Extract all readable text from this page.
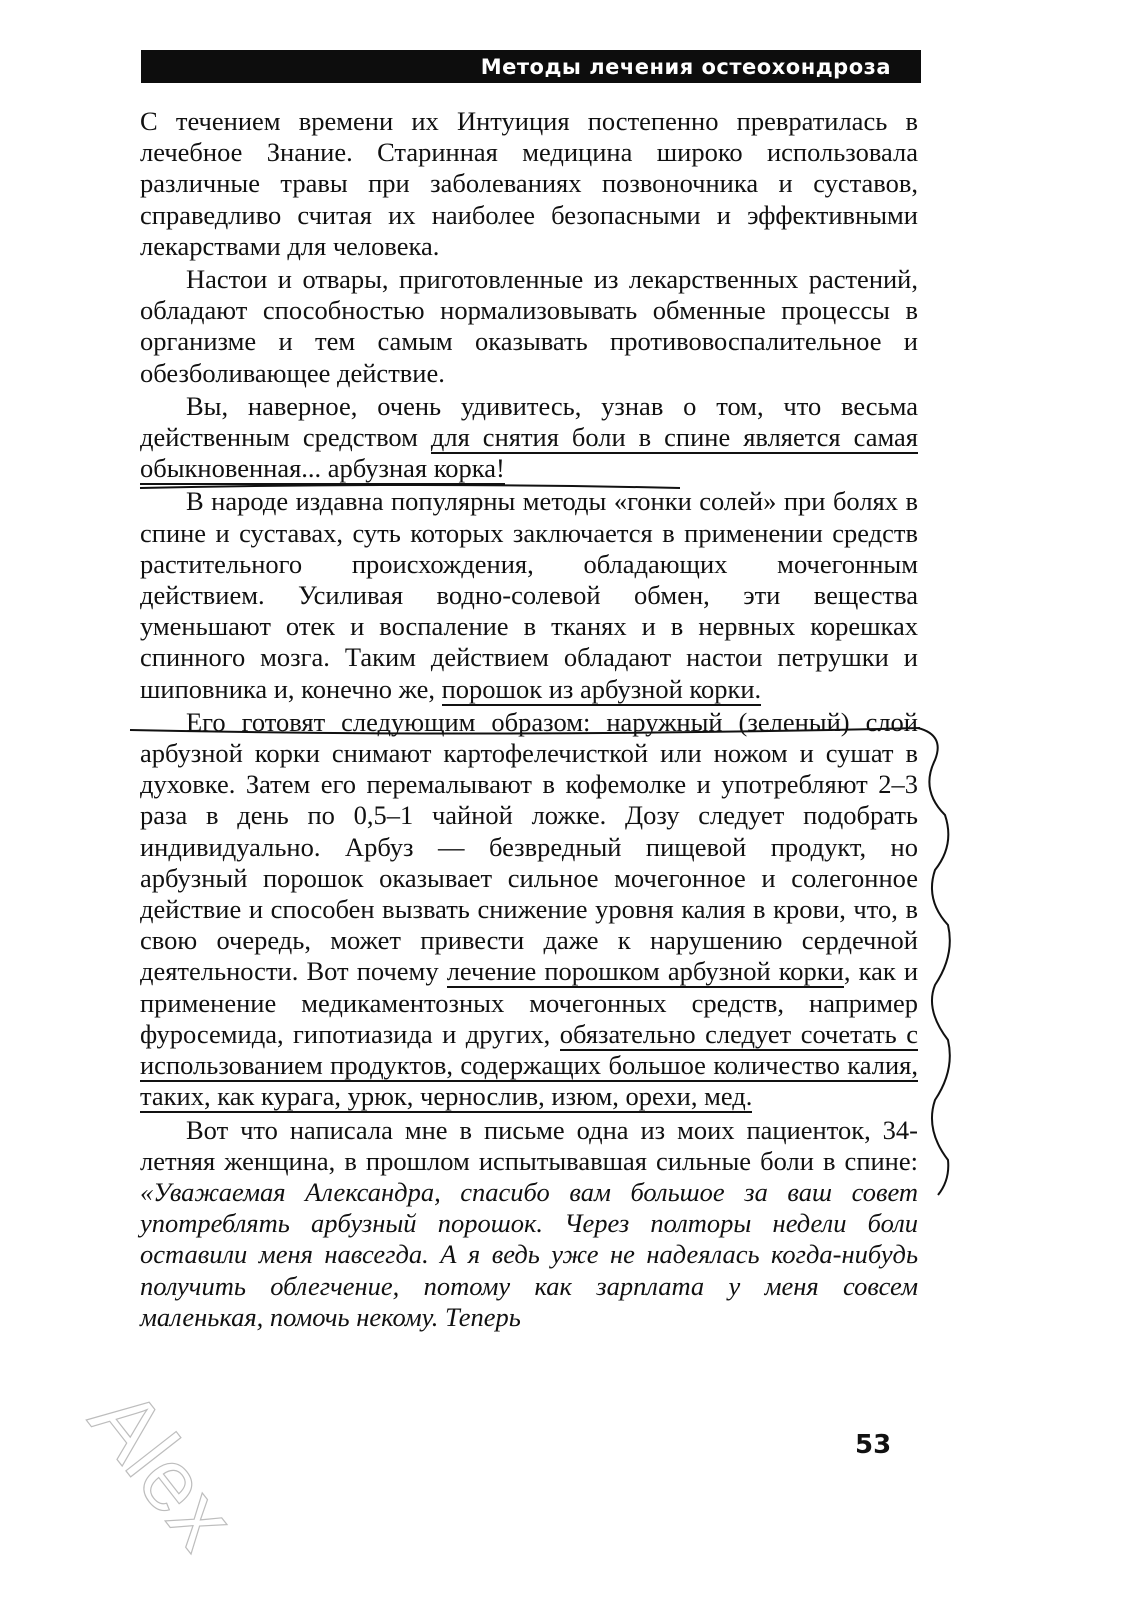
Методы лечения остеохондроза

С течением времени их Интуиция постепенно превратилась в лечебное Знание. Старинная медицина широко использовала различные травы при заболеваниях позвоночника и суставов, справедливо считая их наиболее безопасными и эффективными лекарствами для человека.

Настои и отвары, приготовленные из лекарственных растений, обладают способностью нормализовывать обменные процессы в организме и тем самым оказывать противовоспалительное и обезболивающее действие.

Вы, наверное, очень удивитесь, узнав о том, что весьма действенным средством для снятия боли в спине является самая обыкновенная... арбузная корка!

В народе издавна популярны методы «гонки солей» при болях в спине и суставах, суть которых заключается в применении средств растительного происхождения, обладающих мочегонным действием. Усиливая водно-солевой обмен, эти вещества уменьшают отек и воспаление в тканях и в нервных корешках спинного мозга. Таким действием обладают настои петрушки и шиповника и, конечно же, порошок из арбузной корки.

Его готовят следующим образом: наружный (зеленый) слой арбузной корки снимают картофелечисткой или ножом и сушат в духовке. Затем его перемалывают в кофемолке и употребляют 2–3 раза в день по 0,5–1 чайной ложке. Дозу следует подобрать индивидуально. Арбуз — безвредный пищевой продукт, но арбузный порошок оказывает сильное мочегонное и солегонное действие и способен вызвать снижение уровня калия в крови, что, в свою очередь, может привести даже к нарушению сердечной деятельности. Вот почему лечение порошком арбузной корки, как и применение медикаментозных мочегонных средств, например фуросемида, гипотиазида и других, обязательно следует сочетать с использованием продуктов, содержащих большое количество калия, таких, как курага, урюк, чернослив, изюм, орехи, мед.

Вот что написала мне в письме одна из моих пациенток, 34-летняя женщина, в прошлом испытывавшая сильные боли в спине: «Уважаемая Александра, спасибо вам большое за ваш совет употреблять арбузный порошок. Через полторы недели боли оставили меня навсегда. А я ведь уже не надеялась когда-нибудь получить облегчение, потому как зарплата у меня совсем маленькая, помочь некому. Теперь

53
Alex
